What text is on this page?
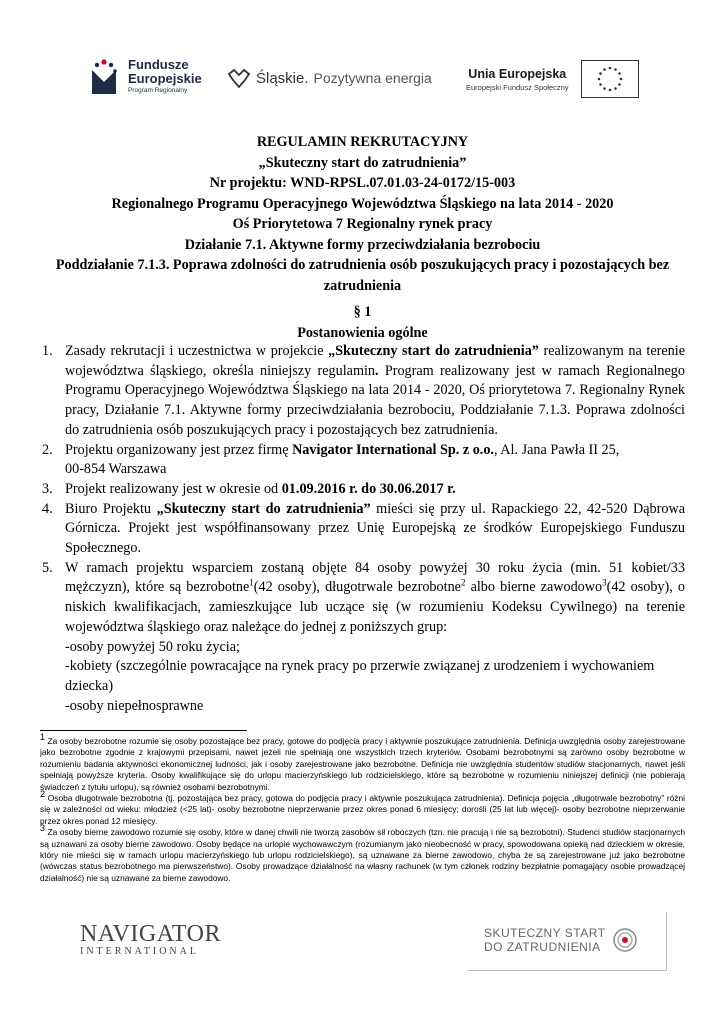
Fundusze
Europejskie
Program Regionalny
Śląskie. Pozytywna energia	Unia Europejska
Europejski Fundusz Społeczny
REGULAMIN REKRUTACYJNY
„Skuteczny start do zatrudnienia”
Nr projektu: WND-RPSL.07.01.03-24-0172/15-003
Regionalnego Programu Operacyjnego Województwa Śląskiego na lata 2014 - 2020
Oś Priorytetowa 7 Regionalny rynek pracy
Działanie 7.1. Aktywne formy przeciwdziałania bezrobociu
Poddziałanie 7.1.3. Poprawa zdolności do zatrudnienia osób poszukujących pracy i pozostających bez zatrudnienia
§ 1
Postanowienia ogólne
1. Zasady rekrutacji i uczestnictwa w projekcie „Skuteczny start do zatrudnienia” realizowanym na terenie województwa śląskiego, określa niniejszy regulamin. Program realizowany jest w ramach Regionalnego Programu Operacyjnego Województwa Śląskiego na lata 2014 - 2020, Oś priorytetowa 7. Regionalny Rynek pracy, Działanie 7.1. Aktywne formy przeciwdziałania bezrobociu, Poddziałanie 7.1.3. Poprawa zdolności do zatrudnienia osób poszukujących pracy i pozostających bez zatrudnienia.
2. Projektu organizowany jest przez firmę Navigator International Sp. z o.o., Al. Jana Pawła II 25,
00-854 Warszawa
3. Projekt realizowany jest w okresie od 01.09.2016 r. do 30.06.2017 r.
4. Biuro Projektu „Skuteczny start do zatrudnienia” mieści się przy ul. Rapackiego 22, 42-520 Dąbrowa Górnicza. Projekt jest współfinansowany przez Unię Europejską ze środków Europejskiego Funduszu Społecznego.
5. W ramach projektu wsparciem zostaną objęte 84 osoby powyżej 30 roku życia (min. 51 kobiet/33 mężczyzn), które są bezrobotne$^1$(42 osoby), długotrwale bezrobotne$^2$ albo bierne zawodowo$^3$(42 osoby), o niskich kwalifikacjach, zamieszkujące lub uczące się (w rozumieniu Kodeksu Cywilnego) na terenie województwa śląskiego oraz należące do jednej z poniższych grup:
-osoby powyżej 50 roku życia;
-kobiety (szczególnie powracające na rynek pracy po przerwie związanej z urodzeniem i wychowaniem dziecka)
-osoby niepełnosprawne

$^1$ Za osoby bezrobotne rozumie się osoby pozostające bez pracy, gotowe do podjęcia pracy i aktywnie poszukujące zatrudnienia. Definicja uwzględnia osoby zarejestrowane jako bezrobotne zgodnie z krajowymi przepisami, nawet jeżeli nie spełniają one wszystkich trzech kryteriów. Osobami bezrobotnymi są zarówno osoby bezrobotne w rozumieniu badania aktywności ekonomicznej ludności, jak i osoby zarejestrowane jako bezrobotne. Definicja nie uwzględnia studentów studiów stacjonarnych, nawet jeśli spełniają powyższe kryteria. Osoby kwalifikujące się do urlopu macierzyńskiego lub rodzicielskiego, które są bezrobotne w rozumieniu niniejszej definicji (nie pobierają świadczeń z tytułu urlopu), są również osobami bezrobotnymi.

$^2$ Osoba długotrwale bezrobotna (tj. pozostająca bez pracy, gotowa do podjęcia pracy i aktywnie poszukująca zatrudnienia). Definicja pojęcia „długotrwale bezrobotny” różni się w zależności od wieku: młodzież (<25 lat)- osoby bezrobotne nieprzerwanie przez okres ponad 6 miesięcy; dorośli (25 lat lub więcej)- osoby bezrobotne nieprzerwanie przez okres ponad 12 miesięcy.

$^3$ Za osoby bierne zawodowo rozumie się osoby, które w danej chwili nie tworzą zasobów sił roboczych (tzn. nie pracują i nie są bezrobotni). Studenci studiów stacjonarnych są uznawani za osoby bierne zawodowo. Osoby będące na urlopie wychowawczym (rozumianym jako nieobecność w pracy, spowodowana opieką nad dzieckiem w okresie, który nie mieści się w ramach urlopu macierzyńskiego lub urlopu rodzicielskiego), są uznawane za bierne zawodowo, chyba że są zarejestrowane już jako bezrobotne (wówczas status bezrobotnego ma pierwszeństwo). Osoby prowadzące działalność na własny rachunek (w tym członek rodziny bezpłatnie pomagający osobie prowadzącej działalność) nie są uznawane za bierne zawodowo.

NAVIGATOR
INTERNATIONAL
SKUTECZNY START
DO ZATRUDNIENIA
